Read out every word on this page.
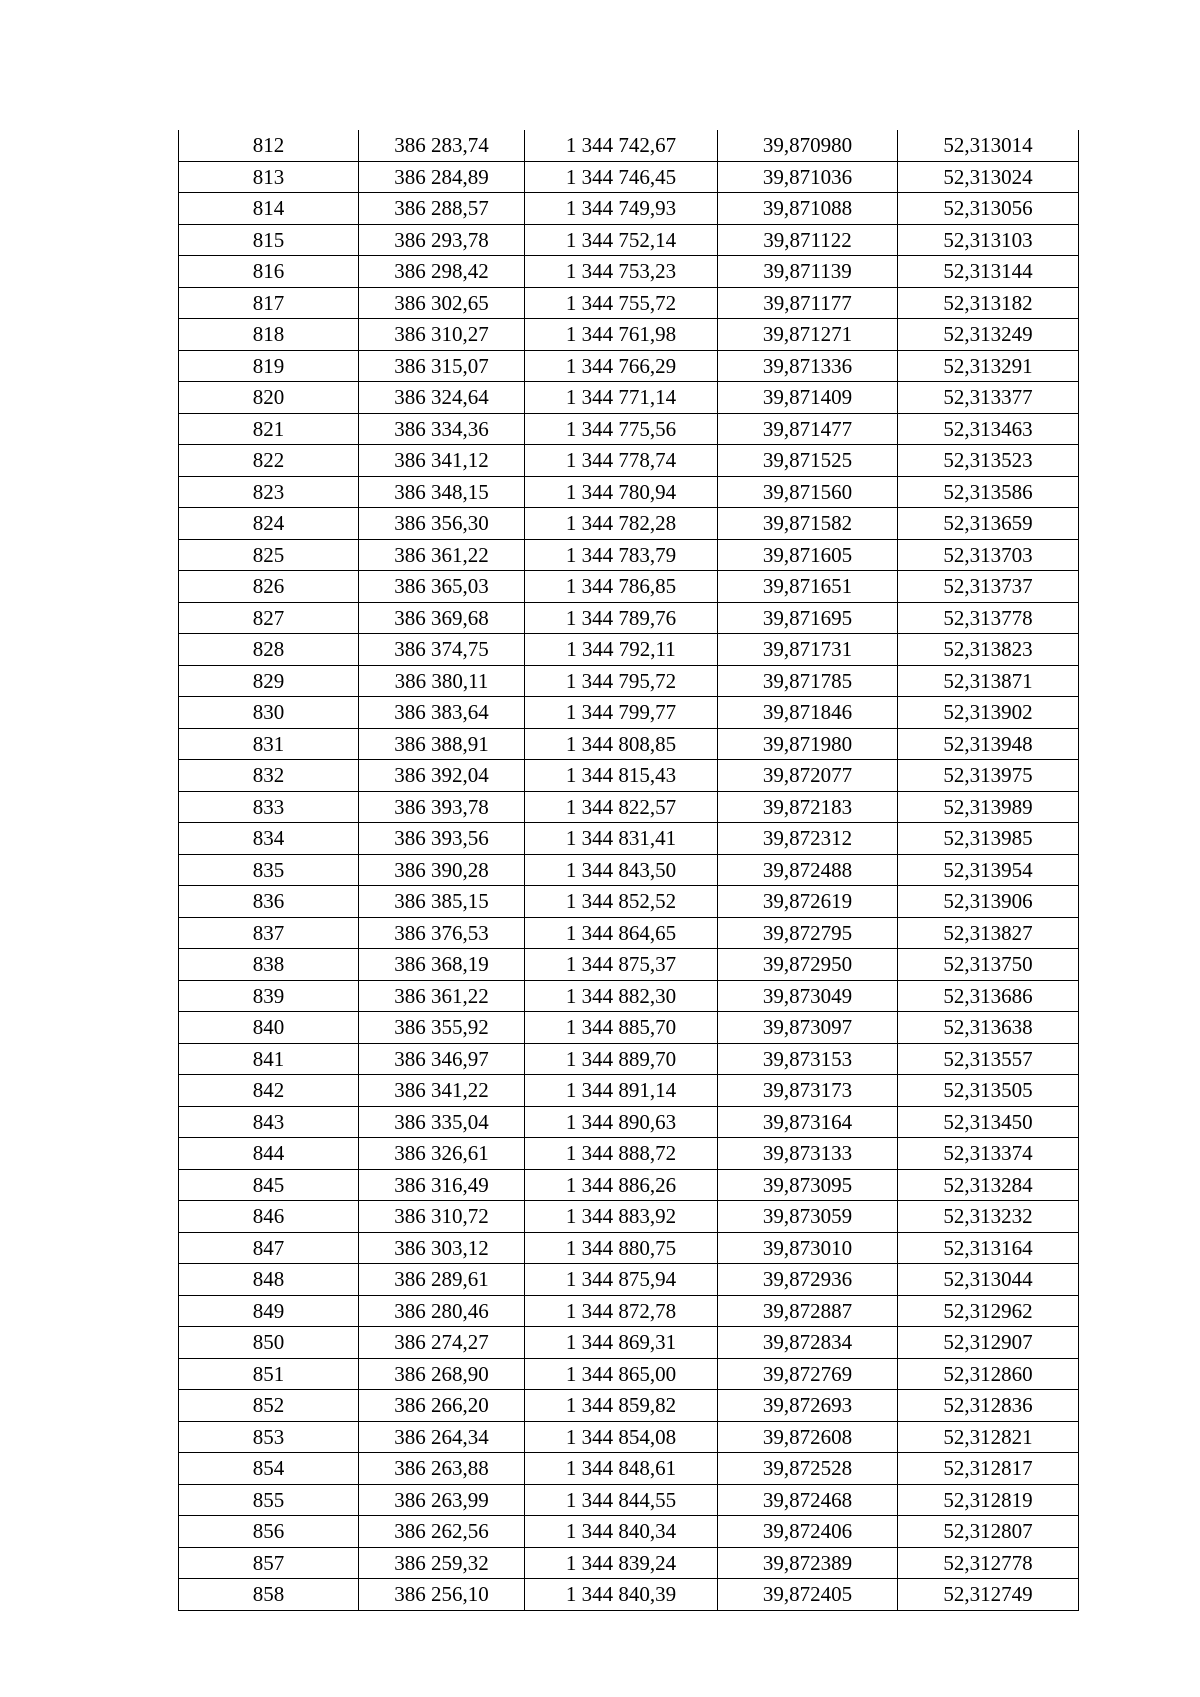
812	386 283,74	1 344 742,67	39,870980	52,313014
813	386 284,89	1 344 746,45	39,871036	52,313024
814	386 288,57	1 344 749,93	39,871088	52,313056
815	386 293,78	1 344 752,14	39,871122	52,313103
816	386 298,42	1 344 753,23	39,871139	52,313144
817	386 302,65	1 344 755,72	39,871177	52,313182
818	386 310,27	1 344 761,98	39,871271	52,313249
819	386 315,07	1 344 766,29	39,871336	52,313291
820	386 324,64	1 344 771,14	39,871409	52,313377
821	386 334,36	1 344 775,56	39,871477	52,313463
822	386 341,12	1 344 778,74	39,871525	52,313523
823	386 348,15	1 344 780,94	39,871560	52,313586
824	386 356,30	1 344 782,28	39,871582	52,313659
825	386 361,22	1 344 783,79	39,871605	52,313703
826	386 365,03	1 344 786,85	39,871651	52,313737
827	386 369,68	1 344 789,76	39,871695	52,313778
828	386 374,75	1 344 792,11	39,871731	52,313823
829	386 380,11	1 344 795,72	39,871785	52,313871
830	386 383,64	1 344 799,77	39,871846	52,313902
831	386 388,91	1 344 808,85	39,871980	52,313948
832	386 392,04	1 344 815,43	39,872077	52,313975
833	386 393,78	1 344 822,57	39,872183	52,313989
834	386 393,56	1 344 831,41	39,872312	52,313985
835	386 390,28	1 344 843,50	39,872488	52,313954
836	386 385,15	1 344 852,52	39,872619	52,313906
837	386 376,53	1 344 864,65	39,872795	52,313827
838	386 368,19	1 344 875,37	39,872950	52,313750
839	386 361,22	1 344 882,30	39,873049	52,313686
840	386 355,92	1 344 885,70	39,873097	52,313638
841	386 346,97	1 344 889,70	39,873153	52,313557
842	386 341,22	1 344 891,14	39,873173	52,313505
843	386 335,04	1 344 890,63	39,873164	52,313450
844	386 326,61	1 344 888,72	39,873133	52,313374
845	386 316,49	1 344 886,26	39,873095	52,313284
846	386 310,72	1 344 883,92	39,873059	52,313232
847	386 303,12	1 344 880,75	39,873010	52,313164
848	386 289,61	1 344 875,94	39,872936	52,313044
849	386 280,46	1 344 872,78	39,872887	52,312962
850	386 274,27	1 344 869,31	39,872834	52,312907
851	386 268,90	1 344 865,00	39,872769	52,312860
852	386 266,20	1 344 859,82	39,872693	52,312836
853	386 264,34	1 344 854,08	39,872608	52,312821
854	386 263,88	1 344 848,61	39,872528	52,312817
855	386 263,99	1 344 844,55	39,872468	52,312819
856	386 262,56	1 344 840,34	39,872406	52,312807
857	386 259,32	1 344 839,24	39,872389	52,312778
858	386 256,10	1 344 840,39	39,872405	52,312749
